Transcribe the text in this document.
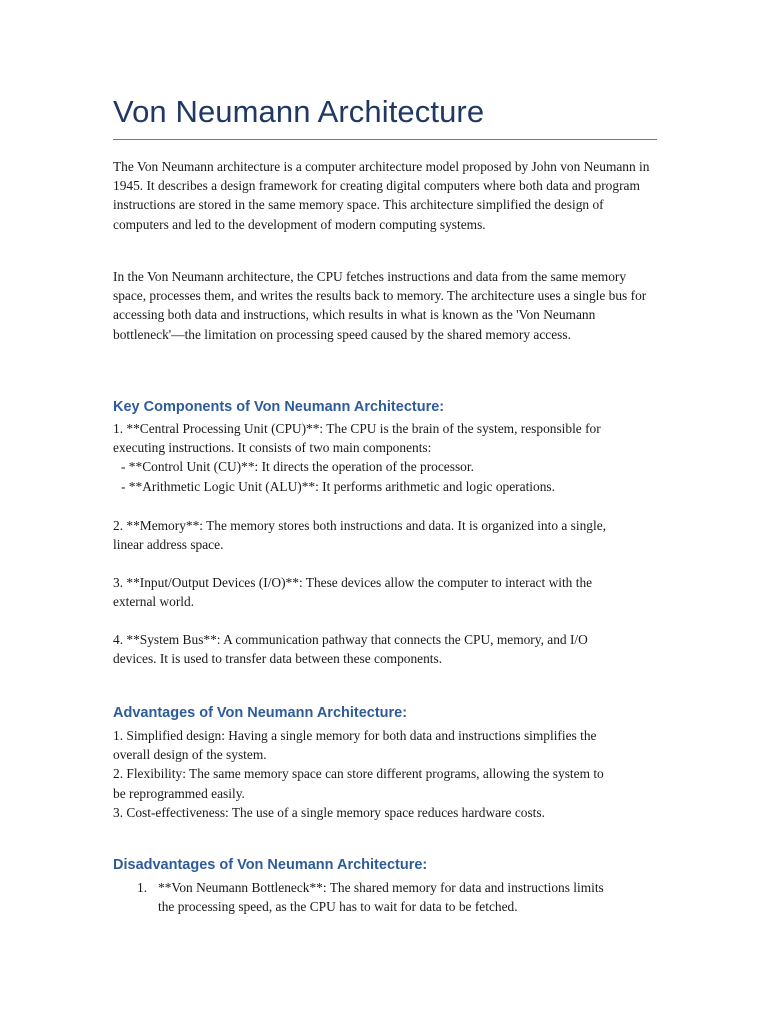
Von Neumann Architecture

The Von Neumann architecture is a computer architecture model proposed by John von Neumann in 1945. It describes a design framework for creating digital computers where both data and program instructions are stored in the same memory space. This architecture simplified the design of computers and led to the development of modern computing systems.

In the Von Neumann architecture, the CPU fetches instructions and data from the same memory space, processes them, and writes the results back to memory. The architecture uses a single bus for accessing both data and instructions, which results in what is known as the 'Von Neumann bottleneck'—the limitation on processing speed caused by the shared memory access.

Key Components of Von Neumann Architecture:
1. **Central Processing Unit (CPU)**: The CPU is the brain of the system, responsible for
executing instructions. It consists of two main components:
- **Control Unit (CU)**: It directs the operation of the processor.
- **Arithmetic Logic Unit (ALU)**: It performs arithmetic and logic operations.
2. **Memory**: The memory stores both instructions and data. It is organized into a single,
linear address space.
3. **Input/Output Devices (I/O)**: These devices allow the computer to interact with the
external world.
4. **System Bus**: A communication pathway that connects the CPU, memory, and I/O
devices. It is used to transfer data between these components.
Advantages of Von Neumann Architecture:
1. Simplified design: Having a single memory for both data and instructions simplifies the
overall design of the system.
2. Flexibility: The same memory space can store different programs, allowing the system to
be reprogrammed easily.
3. Cost-effectiveness: The use of a single memory space reduces hardware costs.
Disadvantages of Von Neumann Architecture:
1. **Von Neumann Bottleneck**: The shared memory for data and instructions limits
the processing speed, as the CPU has to wait for data to be fetched.
